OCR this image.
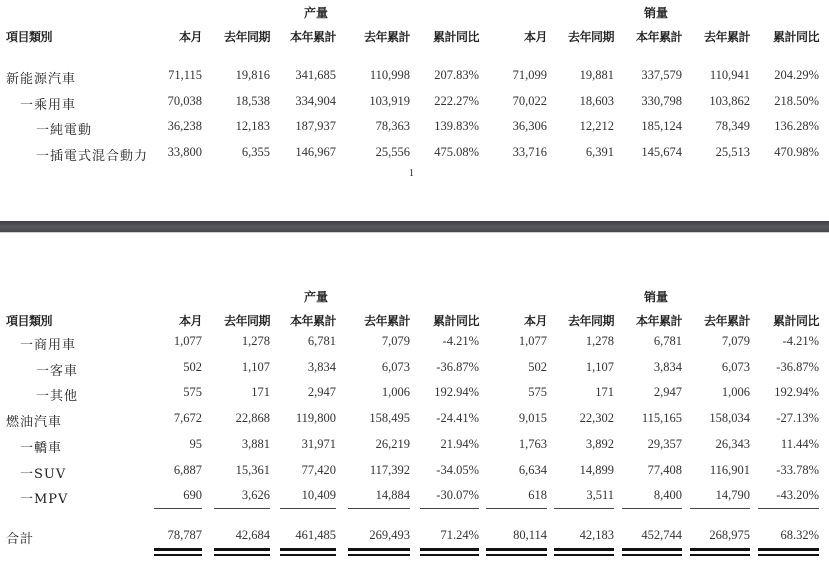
产量	销量
項目類別	本月 去年同期 本年累計 去年累計 累計同比	本月 去年同期 本年累計 去年累計 累計同比
新能源汽車	71,115	19,816 341,685	110,998 207.83%	71,099	19,881 337,579 110,941 204.29%
一乘用車	70,038	18,538 334,904	103,919 222.27%	70,022	18,603 330,798 103,862 218.50%
一純電動	36,238	12,183 187,937	78,363 139.83%	36,306	12,212 185,124	78,349 136.28%
一插電式混合動力 33,800	6,355 146,967	25,556 475.08%	33,716	6,391 145,674	25,513 470.98%
1
产量	销量
項目類別	本月 去年同期 本年累計 去年累計 累計同比	本月 去年同期 本年累計 去年累計 累計同比
一商用車	1,077	1,278	6,781	7,079	-4.21%	1,077	1,278	6,781	7,079	-4.21%
一客車	502	1,107	3,834	6,073 -36.87%	502	1,107	3,834	6,073 -36.87%
一其他	575	171	2,947	1,006 192.94%	575	171	2,947	1,006 192.94%
燃油汽車	7,672	22,868 119,800	158,495 -24.41%	9,015	22,302 115,165 158,034 -27.13%
一轎車	95	3,881	31,971	26,219 21.94%	1,763	3,892	29,357	26,343 11.44%
一SUV	6,887	15,361	77,420	117,392 -34.05%	6,634	14,899	77,408 116,901 -33.78%
一MPV	690	3,626	10,409	14,884 -30.07%	618	3,511	8,400	14,790 -43.20%
合計	78,787	42,684 461,485	269,493 71.24%	80,114	42,183 452,744 268,975 68.32%
